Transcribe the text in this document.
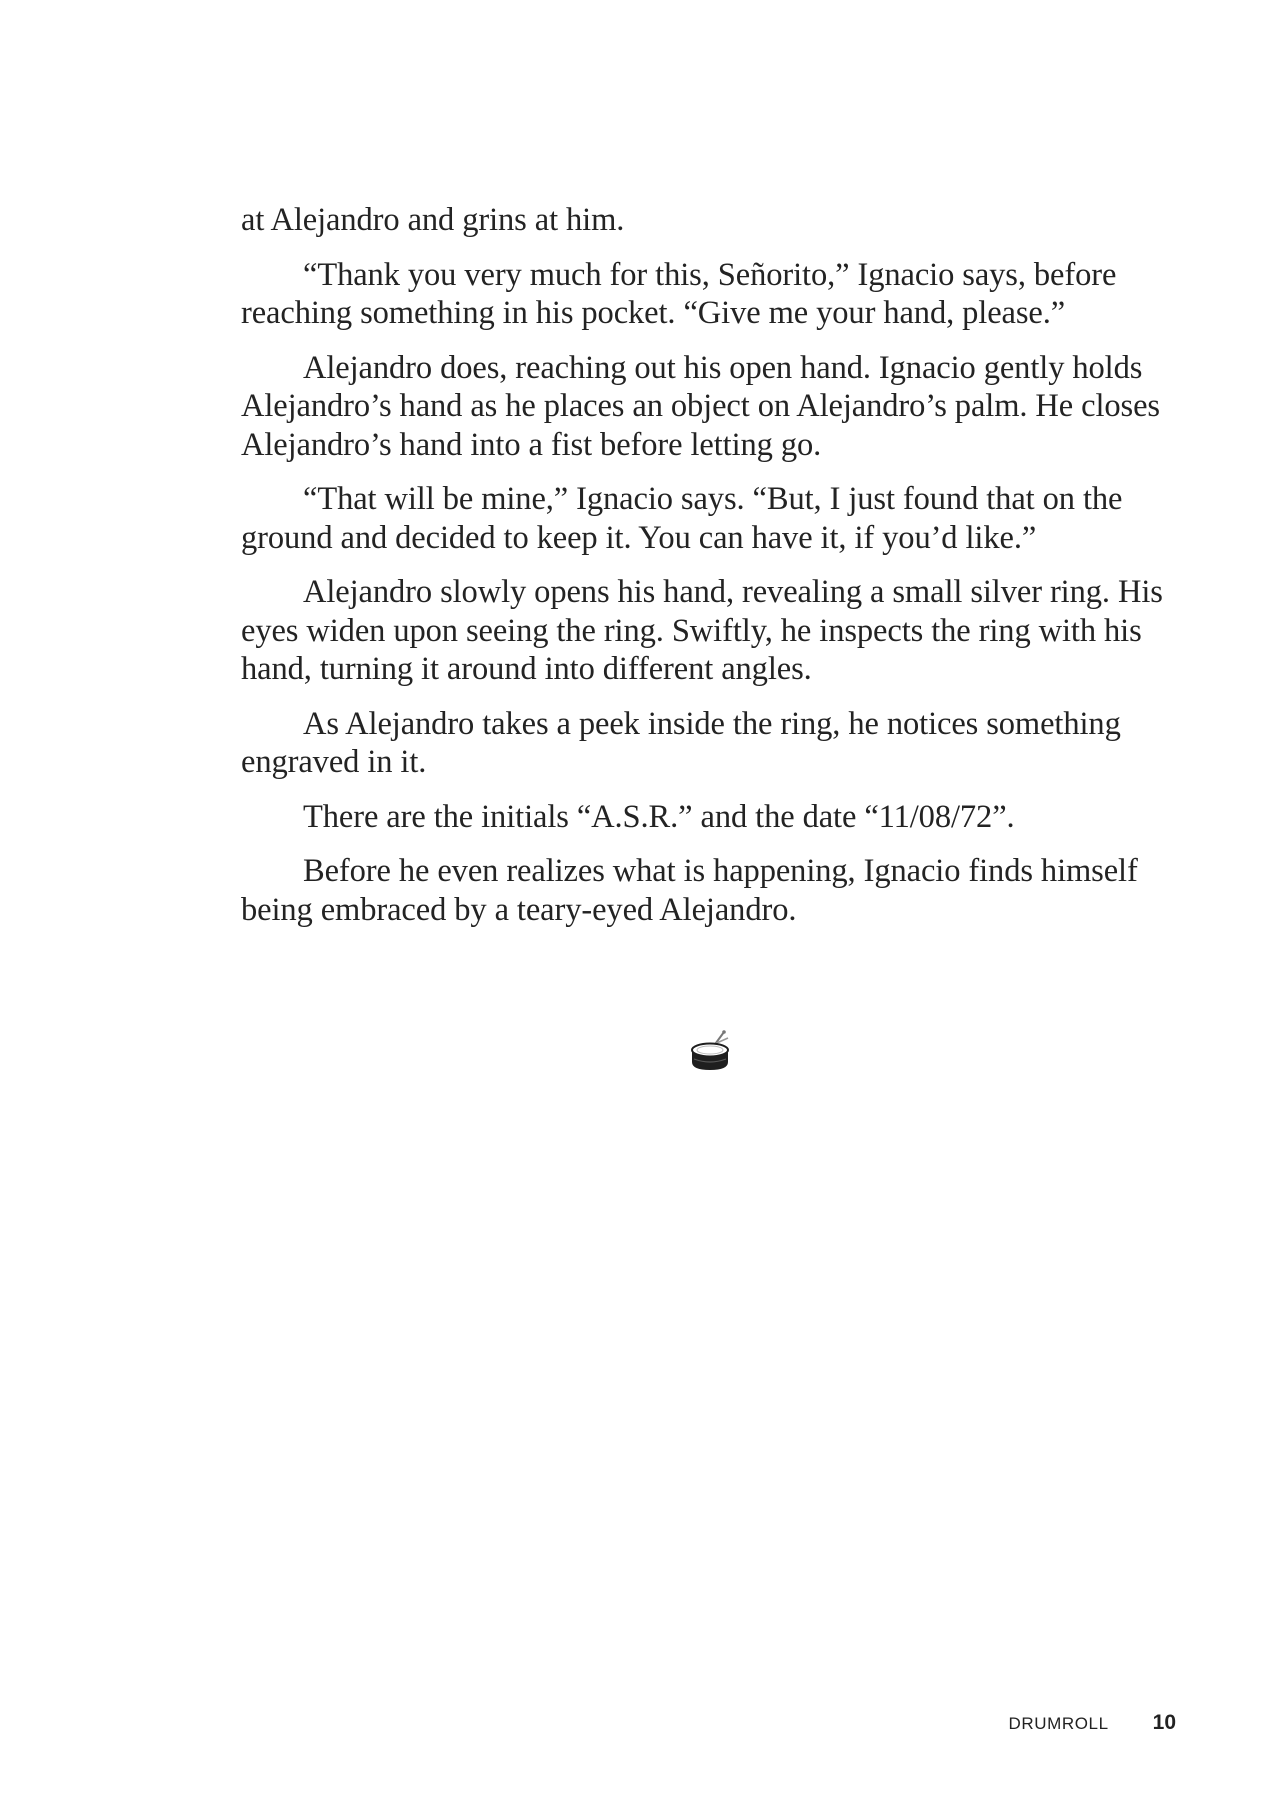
at Alejandro and grins at him.

“Thank you very much for this, Señorito,” Ignacio says, before reaching something in his pocket. “Give me your hand, please.”

Alejandro does, reaching out his open hand. Ignacio gently holds Alejandro’s hand as he places an object on Alejandro’s palm. He closes Alejandro’s hand into a fist before letting go.

“That will be mine,” Ignacio says. “But, I just found that on the ground and decided to keep it. You can have it, if you’d like.”

Alejandro slowly opens his hand, revealing a small silver ring. His eyes widen upon seeing the ring. Swiftly, he inspects the ring with his hand, turning it around into different angles.

As Alejandro takes a peek inside the ring, he notices something engraved in it.

There are the initials “A.S.R.” and the date “11/08/72”.

Before he even realizes what is happening, Ignacio finds himself being embraced by a teary-eyed Alejandro.

DRUMROLL 10
